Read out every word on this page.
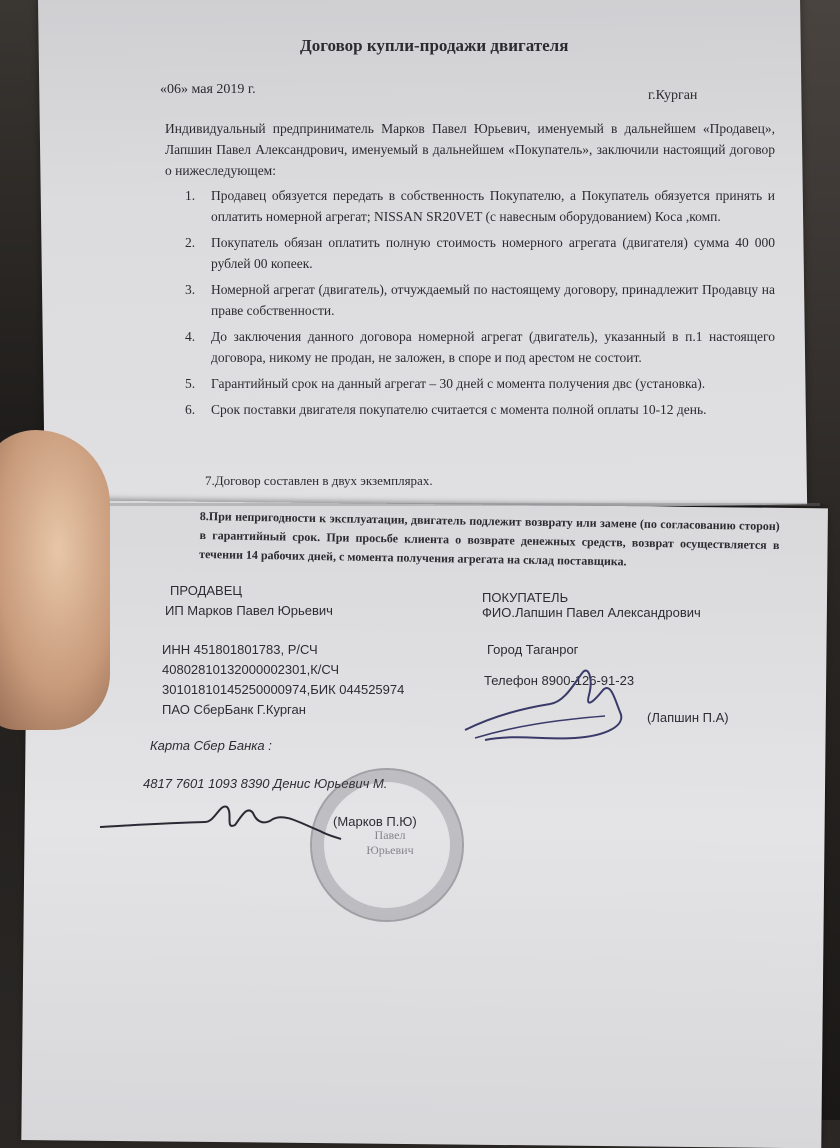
Договор купли-продажи двигателя
«06» мая 2019 г.	г.Курган
Индивидуальный предприниматель Марков Павел Юрьевич, именуемый в дальнейшем «Продавец», Лапшин Павел Александрович, именуемый в дальнейшем «Покупатель», заключили настоящий договор о нижеследующем:
1.	Продавец обязуется передать в собственность Покупателю, а Покупатель обязуется принять и оплатить номерной агрегат; NISSAN SR20VET (с навесным оборудованием) Коса ,комп.
2.	Покупатель обязан оплатить полную стоимость номерного агрегата (двигателя) сумма 40 000 рублей 00 копеек.
3.	Номерной агрегат (двигатель), отчуждаемый по настоящему договору, принадлежит Продавцу на праве собственности.
4.	До заключения данного договора номерной агрегат (двигатель), указанный в п.1 настоящего договора, никому не продан, не заложен, в споре и под арестом не состоит.
5.	Гарантийный срок на данный агрегат – 30 дней с момента получения двс (установка).
6.	Срок поставки двигателя покупателю считается с момента полной оплаты 10-12 день.
7.Договор составлен в двух экземплярах.
8.При непригодности к эксплуатации, двигатель подлежит возврату или замене (по согласованию сторон) в гарантийный срок. При просьбе клиента о возврате денежных средств, возврат осуществляется в течении 14 рабочих дней, с момента получения агрегата на склад поставщика.
ПРОДАВЕЦ
ИП Марков Павел Юрьевич
ИНН 451801801783, Р/СЧ
40802810132000002301,К/СЧ
30101810145250000974,БИК 044525974
ПАО СберБанк Г.Курган
Карта Сбер Банка :
4817 7601 1093 8390 Денис Юрьевич М.
Павел Юрьевич
(Марков П.Ю)
ПОКУПАТЕЛЬ
ФИО.Лапшин Павел Александрович
Город Таганрог
Телефон 8900-126-91-23
(Лапшин П.А)
